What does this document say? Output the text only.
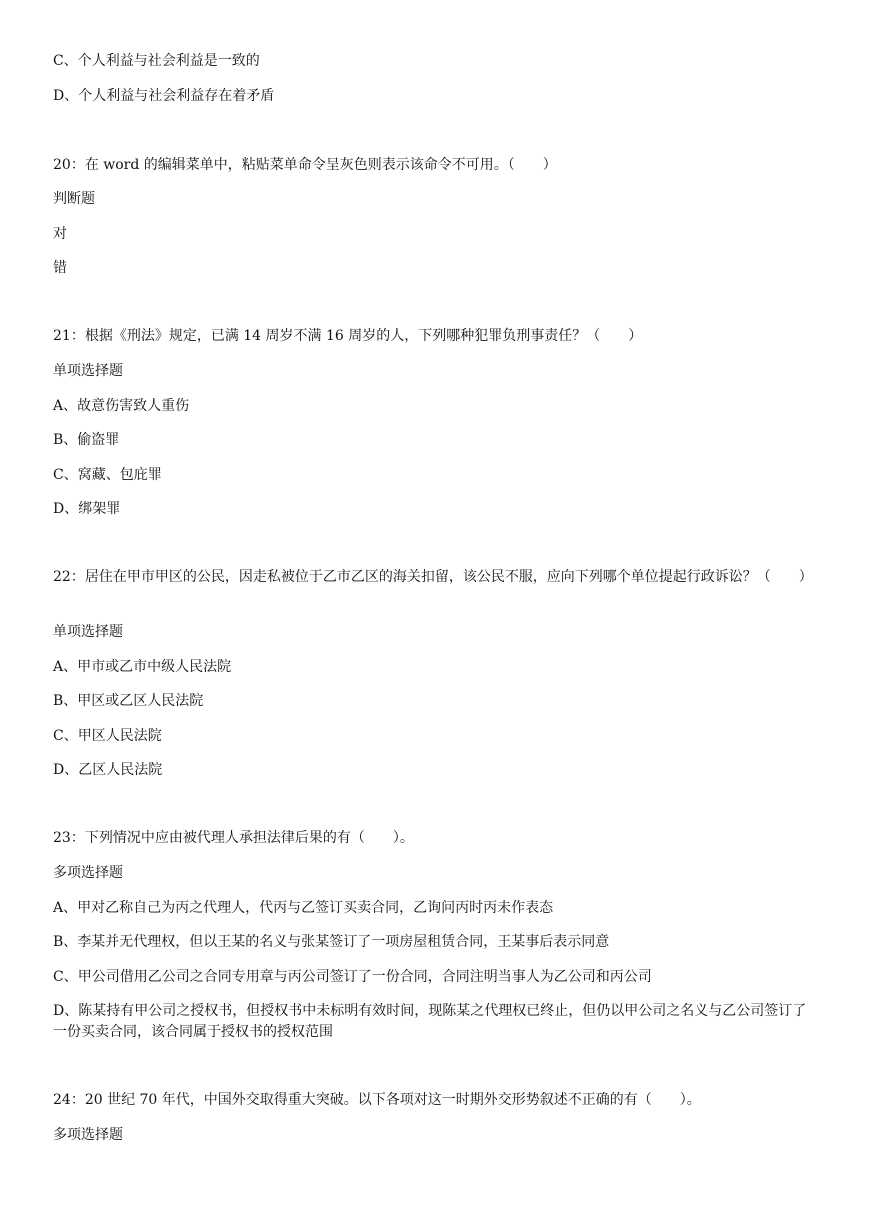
C、个人利益与社会利益是一致的
D、个人利益与社会利益存在着矛盾
20：在 word 的编辑菜单中，粘贴菜单命令呈灰色则表示该命令不可用。（　　）
判断题
对
错
21：根据《刑法》规定，已满 14 周岁不满 16 周岁的人，下列哪种犯罪负刑事责任？（　　）
单项选择题
A、故意伤害致人重伤
B、偷盗罪
C、窝藏、包庇罪
D、绑架罪
22：居住在甲市甲区的公民，因走私被位于乙市乙区的海关扣留，该公民不服，应向下列哪个单位提起行政诉讼？（　　）
单项选择题
A、甲市或乙市中级人民法院
B、甲区或乙区人民法院
C、甲区人民法院
D、乙区人民法院
23：下列情况中应由被代理人承担法律后果的有（　　）。
多项选择题
A、甲对乙称自己为丙之代理人，代丙与乙签订买卖合同，乙询问丙时丙未作表态
B、李某并无代理权，但以王某的名义与张某签订了一项房屋租赁合同，王某事后表示同意
C、甲公司借用乙公司之合同专用章与丙公司签订了一份合同，合同注明当事人为乙公司和丙公司
D、陈某持有甲公司之授权书，但授权书中未标明有效时间，现陈某之代理权已终止，但仍以甲公司之名义与乙公司签订了一份买卖合同，该合同属于授权书的授权范围
24：20 世纪 70 年代，中国外交取得重大突破。以下各项对这一时期外交形势叙述不正确的有（　　）。
多项选择题
